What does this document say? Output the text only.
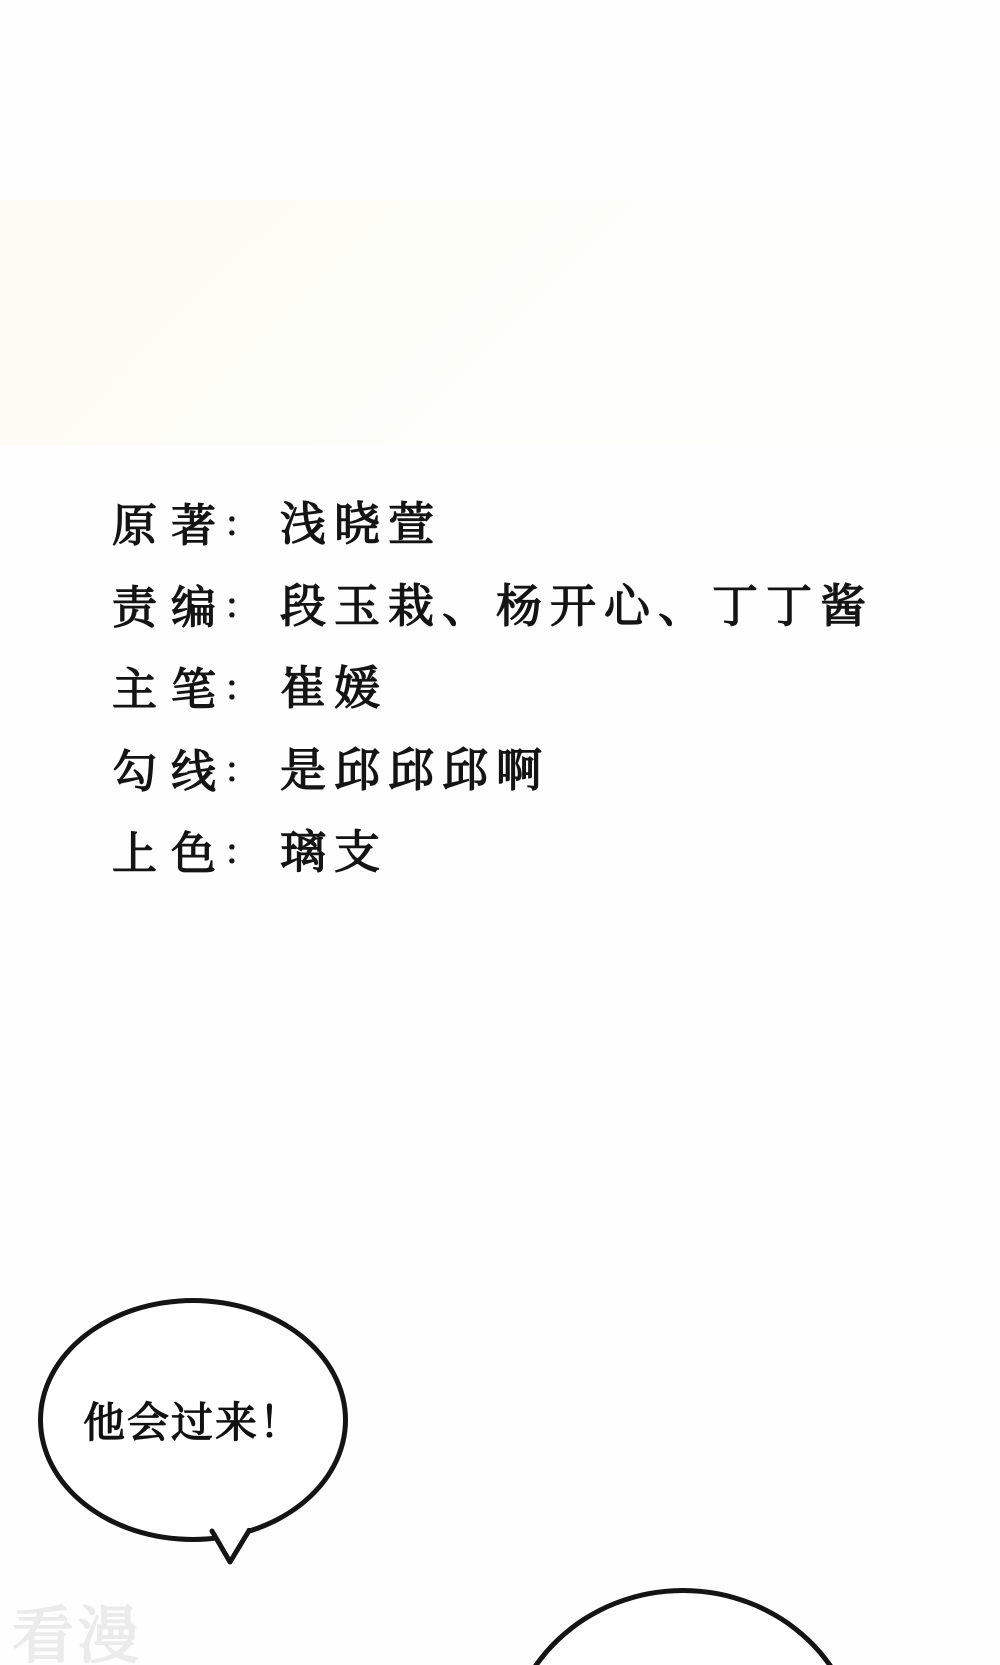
原著
： 浅晓萱
责编
： 段玉栽、杨开心、丁丁酱
主笔
： 崔媛
勾线
： 是邱邱邱啊
上色
： 璃支
他会过来！
看漫
